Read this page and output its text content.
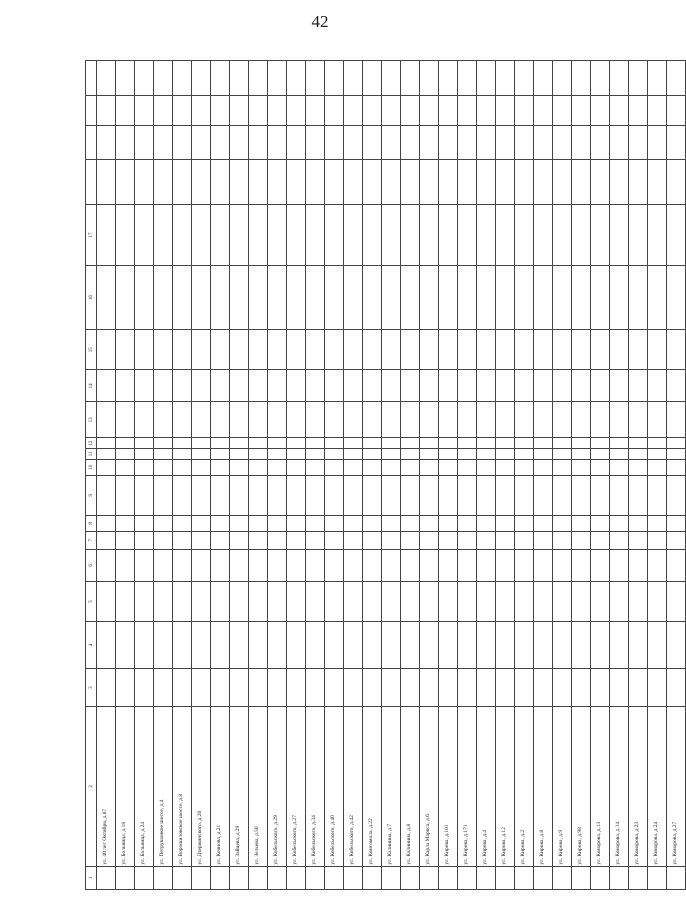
42
1	2	3	4	5	6	7	8	9	10	11	12	13	14	15	16	17				
	ул. 40 лет Октября, д.87																			
	ул. Больница, д.18																			
	ул. Больница, д.24																			
	ул. Петрушанкое шоссе, д.4																			
	ул. Ворошиловское шоссе, д.8																			
	ул. Дзержинского, д.20																			
	ул. Кочнова, д.21																			
	ул. Зайцева, д.29																			
	ул. Зельева, д.50																			
	ул. Кобельского, д.29																			
	ул. Кобельского, д.27																			
	ул. Кобельского, д.34																			
	ул. Кобельского, д.40																			
	ул. Кобельского, д.42																			
	ул. Комсомола, д.22																			
	ул. Калинина, д.7																			
	ул. Калинина, д.8																			
	ул. Карла Маркса, д.6																			
	ул. Кирова, д.101																			
	ул. Кирова, д.171																			
	ул. Кирова, д.4																			
	ул. Кирова, д.12																			
	ул. Кирова, д.2																			
	ул. Кирова, д.8																			
	ул. Кирова, д.9																			
	ул. Кирова, д.98																			
	ул. Комарова, д.13																			
	ул. Комарова, д.14																			
	ул. Комарова, д.23																			
	ул. Комарова, д.24																			
	ул. Комарова, д.27																			
